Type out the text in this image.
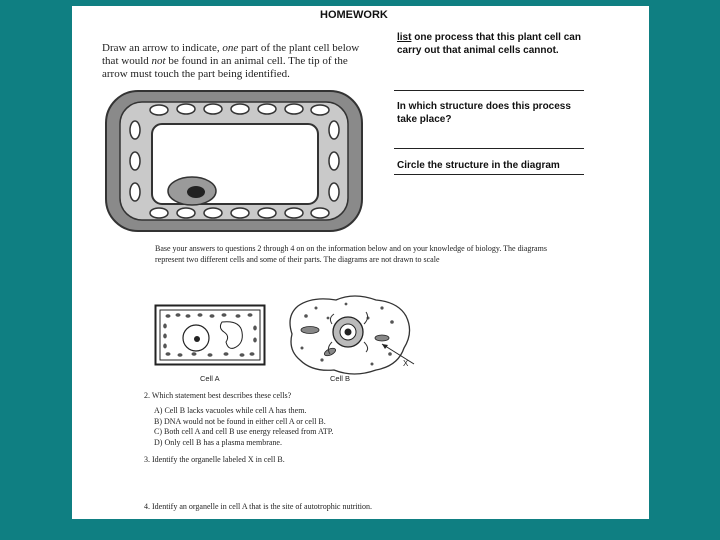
HOMEWORK
Draw an arrow to indicate, one part of the plant cell below that would not be found in an animal cell. The tip of the arrow must touch the part being identified.
list one process that this plant cell can carry out that animal cells cannot.
In which structure does this process take place?
Circle the structure in the diagram
Base your answers to questions 2 through 4 on on the information below and on your knowledge of biology. The diagrams represent two different cells and some of their parts. The diagrams are not drawn to scale
Cell A
X
Cell B
2. Which statement best describes these cells?
A) Cell B lacks vacuoles while cell A has them.
B) DNA would not be found in either cell A or cell B.
C) Both cell A and cell B use energy released from ATP.
D) Only cell B has a plasma membrane.
3. Identify the organelle labeled X in cell B.
4. Identify an organelle in cell A that is the site of autotrophic nutrition.
